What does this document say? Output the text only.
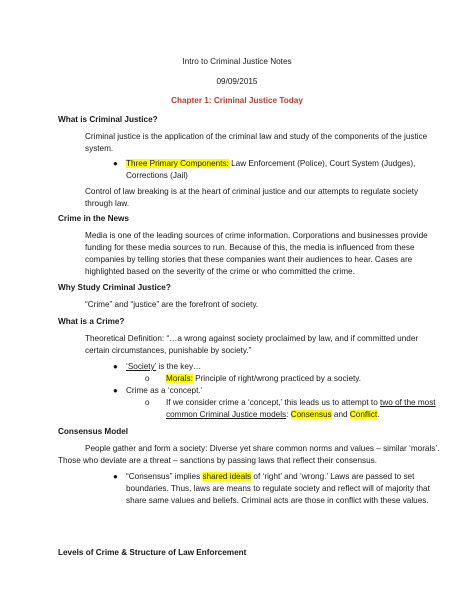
Intro to Criminal Justice Notes
09/09/2015
Chapter 1: Criminal Justice Today
What is Criminal Justice?
Criminal justice is the application of the criminal law and study of the components of the justice
system.
● Three Primary Components: Law Enforcement (Police), Court System (Judges),
Corrections (Jail)
Control of law breaking is at the heart of criminal justice and our attempts to regulate society
through law.
Crime in the News
Media is one of the leading sources of crime information. Corporations and businesses provide
funding for these media sources to run. Because of this, the media is influenced from these
companies by telling stories that these companies want their audiences to hear. Cases are
highlighted based on the severity of the crime or who committed the crime.
Why Study Criminal Justice?
“Crime” and “justice” are the forefront of society.
What is a Crime?
Theoretical Definition: “…a wrong against society proclaimed by law, and if committed under
certain circumstances, punishable by society.”
● ‘Society’ is the key…
o Morals: Principle of right/wrong practiced by a society.
● Crime as a ‘concept.’
o If we consider crime a ‘concept,’ this leads us to attempt to two of the most
common Criminal Justice models: Consensus and Conflict.
Consensus Model
People gather and form a society: Diverse yet share common norms and values – similar ‘morals’.
Those who deviate are a threat – sanctions by passing laws that reflect their consensus.
● “Consensus” implies shared ideals of ‘right’ and ‘wrong.’ Laws are passed to set
boundaries. Thus, laws are means to regulate society and reflect will of majority that
share same values and beliefs. Criminal acts are those in conflict with these values.
Levels of Crime & Structure of Law Enforcement
